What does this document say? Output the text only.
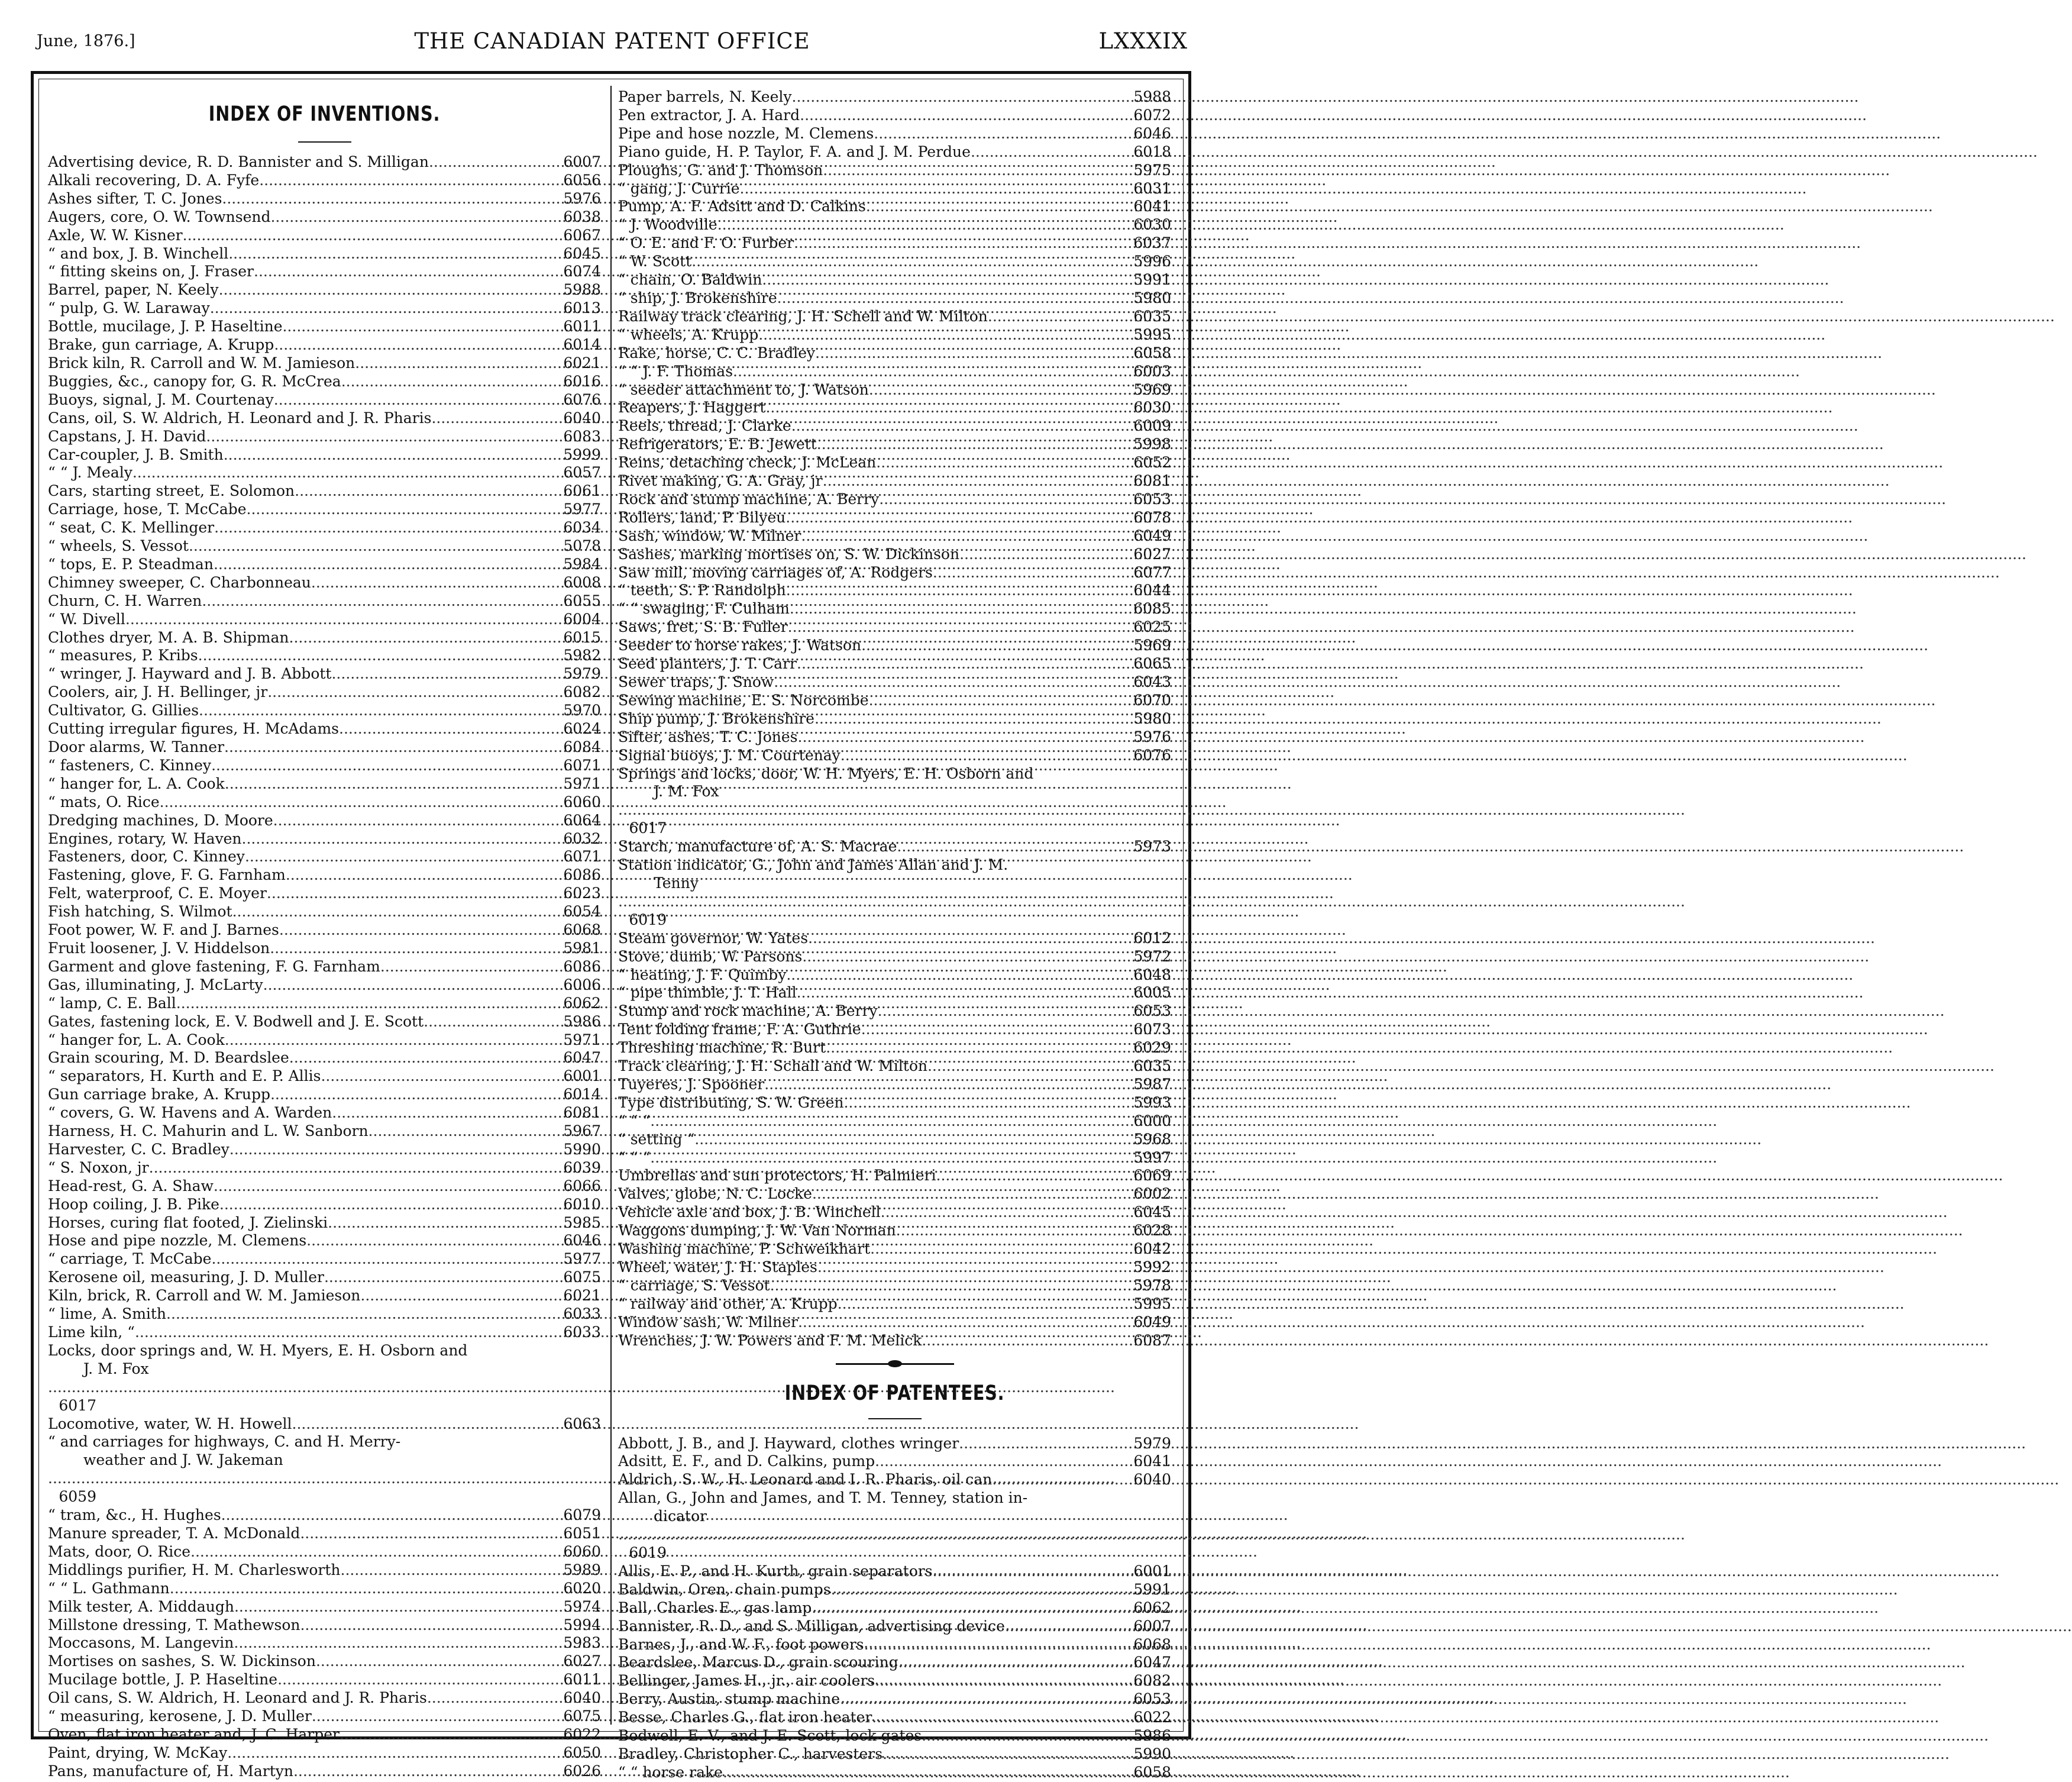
June, 1876.]	THE CANADIAN PATENT OFFICE	LXXXIX
INDEX OF INVENTIONS.
Advertising device, R. D. Bannister and S. Milligan .....	6007
Alkali recovering, D. A. Fyfe .....	6056
Ashes sifter, T. C. Jones .....	5976
Augers, core, O. W. Townsend .....	6038
Axle, W. W. Kisner .....	6067
“ and box, J. B. Winchell .....	6045
“ fitting skeins on, J. Fraser .....	6074
Barrel, paper, N. Keely .....	5988
“ pulp, G. W. Laraway .....	6013
Bottle, mucilage, J. P. Haseltine .....	6011
Brake, gun carriage, A. Krupp .....	6014
Brick kiln, R. Carroll and W. M. Jamieson .....	6021
Buggies, &c., canopy for, G. R. McCrea .....	6016
Buoys, signal, J. M. Courtenay .....	6076
Cans, oil, S. W. Aldrich, H. Leonard and J. R. Pharis .....	6040
Capstans, J. H. David .....	6083
Car-coupler, J. B. Smith .....	5999
“ “ J. Mealy .....	6057
Cars, starting street, E. Solomon .....	6061
Carriage, hose, T. McCabe .....	5977
“ seat, C. K. Mellinger .....	6034
“ wheels, S. Vessot .....	5078
“ tops, E. P. Steadman .....	5984
Chimney sweeper, C. Charbonneau .....	6008
Churn, C. H. Warren .....	6055
“ W. Divell .....	6004
Clothes dryer, M. A. B. Shipman .....	6015
“ measures, P. Kribs .....	5982
“ wringer, J. Hayward and J. B. Abbott .....	5979
Coolers, air, J. H. Bellinger, jr .....	6082
Cultivator, G. Gillies .....	5970
Cutting irregular figures, H. McAdams .....	6024
Door alarms, W. Tanner .....	6084
“ fasteners, C. Kinney .....	6071
“ hanger for, L. A. Cook .....	5971
“ mats, O. Rice .....	6060
Dredging machines, D. Moore .....	6064
Engines, rotary, W. Haven .....	6032
Fasteners, door, C. Kinney .....	6071
Fastening, glove, F. G. Farnham .....	6086
Felt, waterproof, C. E. Moyer .....	6023
Fish hatching, S. Wilmot .....	6054
Foot power, W. F. and J. Barnes .....	6068
Fruit loosener, J. V. Hiddelson .....	5981
Garment and glove fastening, F. G. Farnham .....	6086
Gas, illuminating, J. McLarty .....	6006
“ lamp, C. E. Ball .....	6062
Gates, fastening lock, E. V. Bodwell and J. E. Scott .....	5986
“ hanger for, L. A. Cook .....	5971
Grain scouring, M. D. Beardslee .....	6047
“ separators, H. Kurth and E. P. Allis .....	6001
Gun carriage brake, A. Krupp .....	6014
“ covers, G. W. Havens and A. Warden .....	6081
Harness, H. C. Mahurin and L. W. Sanborn .....	5967
Harvester, C. C. Bradley .....	5990
“ S. Noxon, jr .....	6039
Head-rest, G. A. Shaw .....	6066
Hoop coiling, J. B. Pike .....	6010
Horses, curing flat footed, J. Zielinski .....	5985
Hose and pipe nozzle, M. Clemens .....	6046
“ carriage, T. McCabe .....	5977
Kerosene oil, measuring, J. D. Muller .....	6075
Kiln, brick, R. Carroll and W. M. Jamieson .....	6021
“ lime, A. Smith .....	6033
Lime kiln, “ .....	6033
Locks, door springs and, W. H. Myers, E. H. Osborn and
J. M. Fox
.....
6017
Locomotive, water, W. H. Howell .....	6063
“ and carriages for highways, C. and H. Merry-
weather and J. W. Jakeman
.....
6059
“ tram, &c., H. Hughes .....	6079
Manure spreader, T. A. McDonald .....	6051
Mats, door, O. Rice .....	6060
Middlings purifier, H. M. Charlesworth .....	5989
“ “ L. Gathmann .....	6020
Milk tester, A. Middaugh .....	5974
Millstone dressing, T. Mathewson .....	5994
Moccasons, M. Langevin .....	5983
Mortises on sashes, S. W. Dickinson .....	6027
Mucilage bottle, J. P. Haseltine .....	6011
Oil cans, S. W. Aldrich, H. Leonard and J. R. Pharis .....	6040
“ measuring, kerosene, J. D. Muller .....	6075
Oven, flat iron heater and, J. C. Harper .....	6022
Paint, drying, W. McKay .....	6050
Pans, manufacture of, H. Martyn .....	6026
Paper barrels, N. Keely .....	5988
Pen extractor, J. A. Hard .....	6072
Pipe and hose nozzle, M. Clemens .....	6046
Piano guide, H. P. Taylor, F. A. and J. M. Perdue .....	6018
Ploughs, G. and J. Thomson .....	5975
“ gang, J. Currie .....	6031
Pump, A. F. Adsitt and D. Calkins .....	6041
“ J. Woodville .....	6030
“ O. E. and F. O. Furber .....	6037
“ W. Scott .....	5996
“ chain, O. Baldwin .....	5991
“ ship, J. Brokenshire .....	5980
Railway track clearing, J. H. Schell and W. Milton .....	6035
“ wheels, A. Krupp .....	5995
Rake, horse, C. C. Bradley .....	6058
“ “ J. F. Thomas .....	6003
“ seeder attachment to, J. Watson .....	5969
Reapers, J. Haggert .....	6030
Reels, thread, J. Clarke .....	6009
Refrigerators, E. B. Jewett .....	5998
Reins, detaching check, J. McLean .....	6052
Rivet making, G. A. Gray, jr .....	6081
Rock and stump machine, A. Berry .....	6053
Rollers, land, P. Bilyeu .....	6078
Sash, window, W. Milner .....	6049
Sashes, marking mortises on, S. W. Dickinson .....	6027
Saw mill, moving carriages of, A. Rodgers .....	6077
“ teeth, S. P. Randolph .....	6044
“ “ swaging, F. Culham .....	6085
Saws, fret, S. B. Fuller .....	6025
Seeder to horse rakes, J. Watson .....	5969
Seed planters, J. T. Carr .....	6065
Sewer traps, J. Snow .....	6043
Sewing machine, E. S. Norcombe .....	6070
Ship pump, J. Brokenshire .....	5980
Sifter, ashes, T. C. Jones .....	5976
Signal buoys, J. M. Courtenay .....	6076
Springs and locks, door, W. H. Myers, E. H. Osborn and
J. M. Fox
.....
6017
Starch, manufacture of, A. S. Macrae .....	5973
Station indicator, G., John and James Allan and J. M.
Tenny
.....
6019
Steam governor, W. Yates .....	6012
Stove, dumb, W. Parsons .....	5972
“ heating, J. F. Quimby .....	6048
“ pipe thimble, J. T. Hall .....	6005
Stump and rock machine, A. Berry .....	6053
Tent folding frame, F. A. Guthrie .....	6073
Threshing machine, R. Burt .....	6029
Track clearing, J. H. Schall and W. Milton .....	6035
Tuyeres, J. Spooner .....	5987
Type distributing, S. W. Green .....	5993
“ “ “ .....	6000
“ setting “ .....	5968
“ “ “ .....	5997
Umbrellas and sun protectors, H. Palmieri .....	6069
Valves, globe, N. C. Locke .....	6002
Vehicle axle and box, J. B. Winchell .....	6045
Waggons dumping, J. W. Van Norman .....	6028
Washing machine, P. Schweikhart .....	6042
Wheel, water, J. H. Staples .....	5992
“ carriage, S. Vessot .....	5978
“ railway and other, A. Krupp .....	5995
Window sash, W. Milner .....	6049
Wrenches, J. W. Powers and F. M. Melick .....	6087
INDEX OF PATENTEES.
Abbott, J. B., and J. Hayward, clothes wringer .....	5979
Adsitt, E. F., and D. Calkins, pump .....	6041
Aldrich, S. W., H. Leonard and I. R. Pharis, oil can .....	6040
Allan, G., John and James, and T. M. Tenney, station in-
dicator
.....
6019
Allis, E. P., and H. Kurth, grain separators .....	6001
Baldwin, Oren, chain pumps .....	5991
Ball, Charles E., gas lamp .....	6062
Bannister, R. D., and S. Milligan, advertising device .....	6007
Barnes, J., and W. F., foot powers .....	6068
Beardslee, Marcus D., grain scouring .....	6047
Bellinger, James H., jr., air coolers .....	6082
Berry, Austin, stump machine .....	6053
Besse, Charles G., flat iron heater .....	6022
Bodwell, E. V., and J. E. Scott, lock gates .....	5986
Bradley, Christopher C., harvesters .....	5990
“ “ horse rake .....	6058
